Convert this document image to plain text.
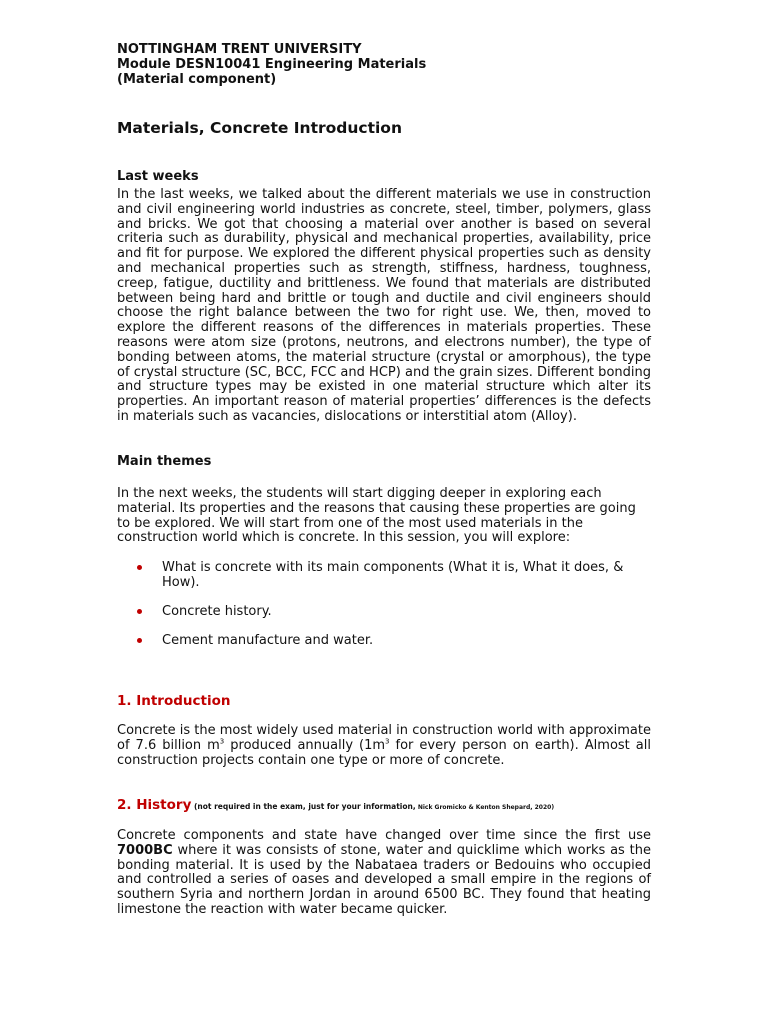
NOTTINGHAM TRENT UNIVERSITY
Module DESN10041 Engineering Materials
(Material component)
Materials, Concrete Introduction
Last weeks
In the last weeks, we talked about the different materials we use in construction and civil engineering world industries as concrete, steel, timber, polymers, glass and bricks. We got that choosing a material over another is based on several criteria such as durability, physical and mechanical properties, availability, price and fit for purpose. We explored the different physical properties such as density and mechanical properties such as strength, stiffness, hardness, toughness, creep, fatigue, ductility and brittleness. We found that materials are distributed between being hard and brittle or tough and ductile and civil engineers should choose the right balance between the two for right use. We, then, moved to explore the different reasons of the differences in materials properties. These reasons were atom size (protons, neutrons, and electrons number), the type of bonding between atoms, the material structure (crystal or amorphous), the type of crystal structure (SC, BCC, FCC and HCP) and the grain sizes. Different bonding and structure types may be existed in one material structure which alter its properties. An important reason of material properties’ differences is the defects in materials such as vacancies, dislocations or interstitial atom (Alloy).
Main themes
In the next weeks, the students will start digging deeper in exploring each material. Its properties and the reasons that causing these properties are going to be explored. We will start from one of the most used materials in the construction world which is concrete. In this session, you will explore:
What is concrete with its main components (What it is, What it does, & How).
Concrete history.
Cement manufacture and water.
1. Introduction
Concrete is the most widely used material in construction world with approximate of 7.6 billion $m^3$ produced annually ($1m^3$ for every person on earth). Almost all construction projects contain one type or more of concrete.
2. History (not required in the exam, just for your information, Nick Gromicko & Kenton Shepard, 2020)
Concrete components and state have changed over time since the first use 7000BC where it was consists of stone, water and quicklime which works as the bonding material. It is used by the Nabataea traders or Bedouins who occupied and controlled a series of oases and developed a small empire in the regions of southern Syria and northern Jordan in around 6500 BC. They found that heating limestone the reaction with water became quicker.
